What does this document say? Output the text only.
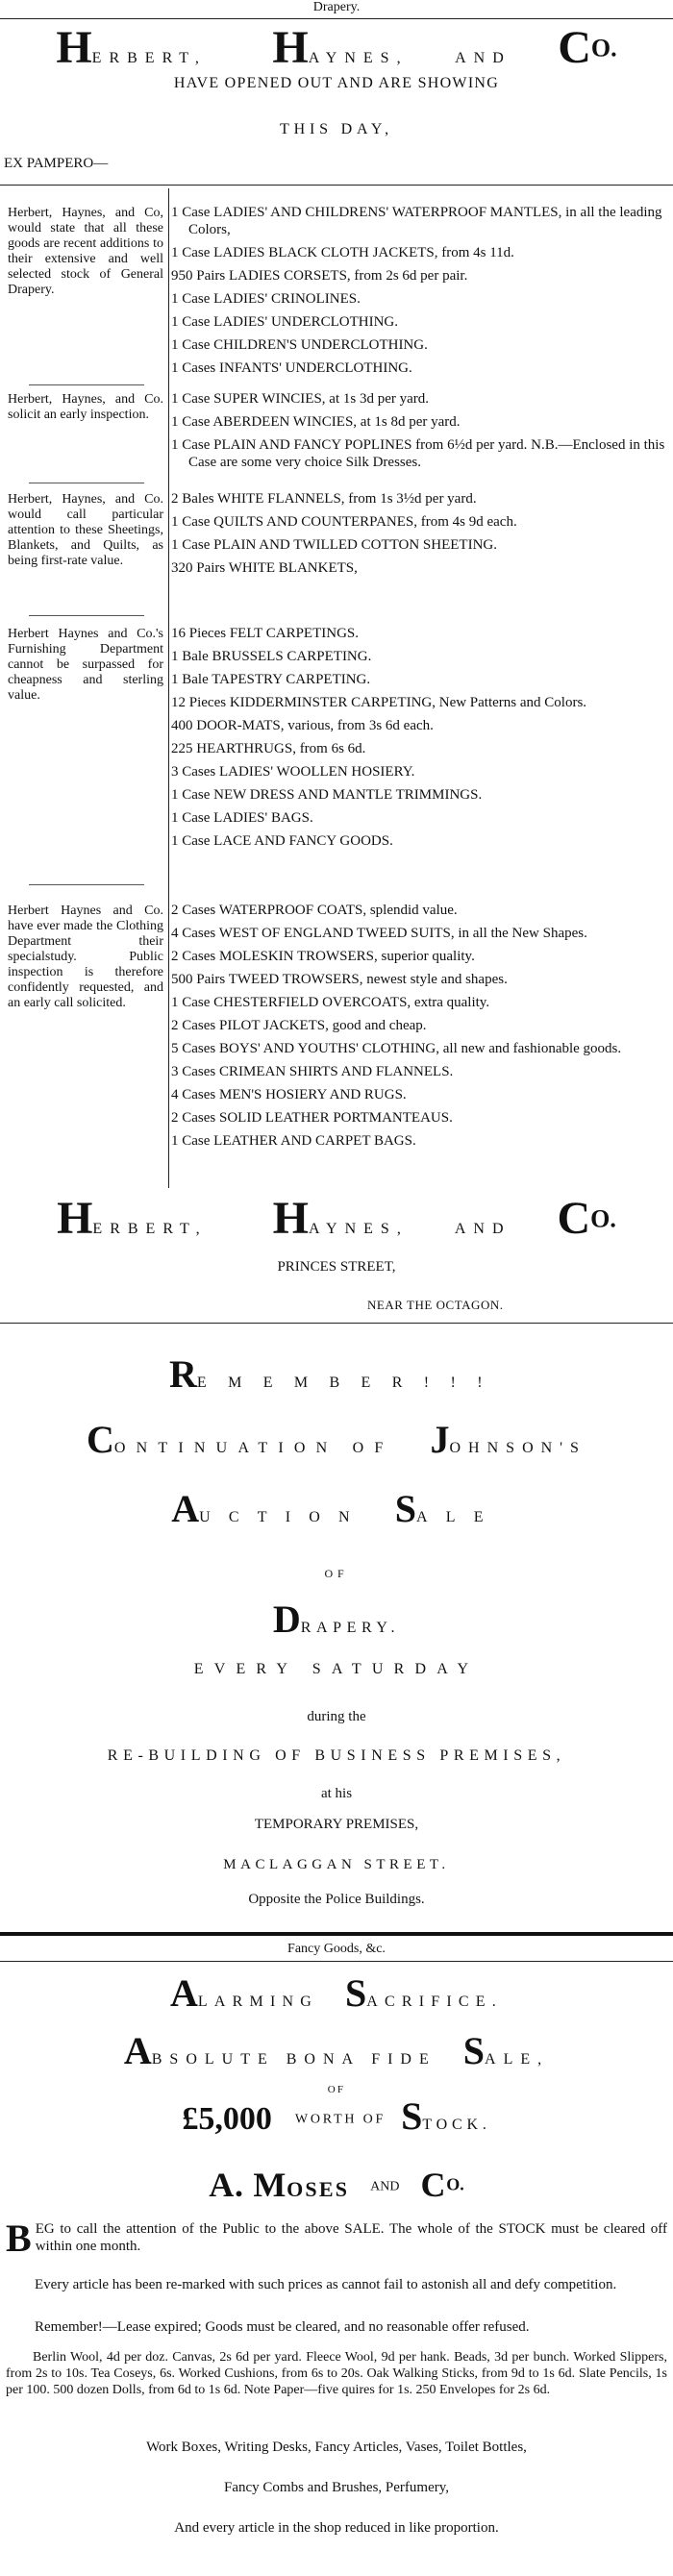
Drapery.
HERBERT, HAYNES,	AND CO.
HAVE OPENED OUT AND ARE SHOWING
THIS DAY,
EX PAMPERO—
Herbert, Haynes, and Co, would state that all these goods are recent additions to their extensive and well selected stock of General Drapery.
1 Case LADIES' AND CHILDRENS' WATERPROOF MANTLES, in all the leading Colors,
1 Case LADIES BLACK CLOTH JACKETS, from 4s 11d.
950 Pairs LADIES CORSETS, from 2s 6d per pair.
1 Case LADIES' CRINOLINES.
1 Case LADIES' UNDERCLOTHING.
1 Case CHILDREN'S UNDERCLOTHING.
1 Cases INFANTS' UNDERCLOTHING.
Herbert, Haynes, and Co. solicit an early inspection.
1 Case SUPER WINCIES, at 1s 3d per yard.
1 Case ABERDEEN WINCIES, at 1s 8d per yard.
1 Case PLAIN AND FANCY POPLINES from 6½d per yard. N.B.—Enclosed in this Case are some very choice Silk Dresses.
Herbert, Haynes, and Co. would call particular attention to these Sheetings, Blankets, and Quilts, as being first-rate value.
2 Bales WHITE FLANNELS, from 1s 3½d per yard.
1 Case QUILTS AND COUNTERPANES, from 4s 9d each.
1 Case PLAIN AND TWILLED COTTON SHEETING.
320 Pairs WHITE BLANKETS,
Herbert Haynes and Co.'s Furnishing Department cannot be surpassed for cheapness and sterling value.
16 Pieces FELT CARPETINGS.
1 Bale BRUSSELS CARPETING.
1 Bale TAPESTRY CARPETING.
12 Pieces KIDDERMINSTER CARPETING, New Patterns and Colors.
400 DOOR-MATS, various, from 3s 6d each.
225 HEARTHRUGS, from 6s 6d.
3 Cases LADIES' WOOLLEN HOSIERY.
1 Case NEW DRESS AND MANTLE TRIMMINGS.
1 Case LADIES' BAGS.
1 Case LACE AND FANCY GOODS.
Herbert Haynes and Co. have ever made the Clothing Department their specialstudy. Public inspection is therefore confidently requested, and an early call solicited.
2 Cases WATERPROOF COATS, splendid value.
4 Cases WEST OF ENGLAND TWEED SUITS, in all the New Shapes.
2 Cases MOLESKIN TROWSERS, superior quality.
500 Pairs TWEED TROWSERS, newest style and shapes.
1 Case CHESTERFIELD OVERCOATS, extra quality.
2 Cases PILOT JACKETS, good and cheap.
5 Cases BOYS' AND YOUTHS' CLOTHING, all new and fashionable goods.
3 Cases CRIMEAN SHIRTS AND FLANNELS.
4 Cases MEN'S HOSIERY AND RUGS.
2 Cases SOLID LEATHER PORTMANTEAUS.
1 Case LEATHER AND CARPET BAGS.
HERBERT, HAYNES,	AND CO.
PRINCES STREET,
NEAR THE OCTAGON.
REMEMBER!!!
CONTINUATION OF JOHNSON'S
AUCTION SALE
OF
DRAPERY.
EVERY SATURDAY
during the
RE-BUILDING OF BUSINESS PREMISES,
at his
TEMPORARY PREMISES,
MACLAGGAN STREET.
Opposite the Police Buildings.
Fancy Goods, &c.
ALARMING SACRIFICE.
ABSOLUTE BONA FIDE SALE,
OF
£5,000 WORTH OF STOCK.
A. MOSES AND CO.
B EG to call the attention of the Public to the above SALE. The whole of the STOCK must be cleared off within one month.
Every article has been re-marked with such prices as cannot fail to astonish all and defy competition.
Remember!—Lease expired; Goods must be cleared, and no reasonable offer refused.
Berlin Wool, 4d per doz. Canvas, 2s 6d per yard. Fleece Wool, 9d per hank. Beads, 3d per bunch. Worked Slippers, from 2s to 10s. Tea Coseys, 6s. Worked Cushions, from 6s to 20s. Oak Walking Sticks, from 9d to 1s 6d. Slate Pencils, 1s per 100. 500 dozen Dolls, from 6d to 1s 6d. Note Paper—five quires for 1s. 250 Envelopes for 2s 6d.
Work Boxes, Writing Desks, Fancy Articles, Vases, Toilet Bottles,
Fancy Combs and Brushes, Perfumery,
And every article in the shop reduced in like proportion.
